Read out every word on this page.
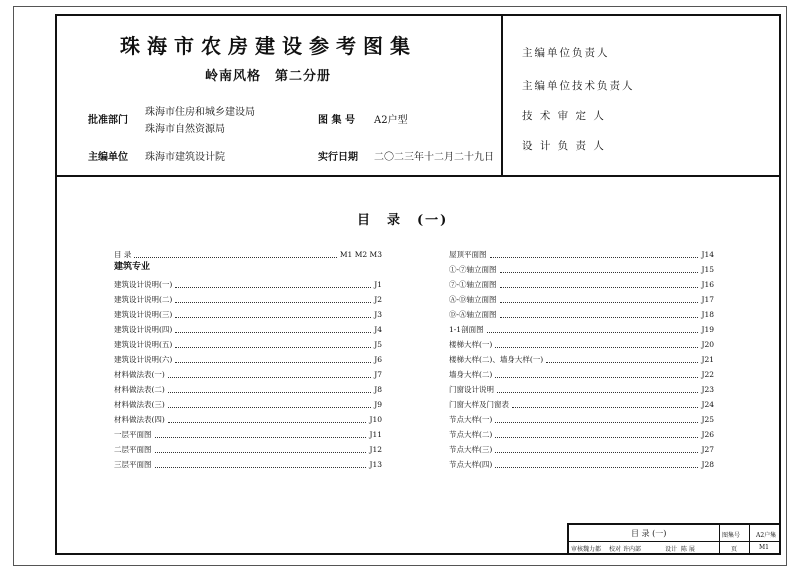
珠海市农房建设参考图集
岭南风格　第二分册
批准部门
珠海市住房和城乡建设局
珠海市自然资源局
图 集 号 A2户型
主编单位 珠海市建筑设计院	实行日期 二〇二三年十二月二十九日
主编单位负责人
主编单位技术负责人
技 术 审 定 人
设 计 负 责 人
目　录　(一)
目 录	M1 M2 M3
建筑专业
建筑设计说明(一)	J1
建筑设计说明(二)	J2
建筑设计说明(三)	J3
建筑设计说明(四)	J4
建筑设计说明(五)	J5
建筑设计说明(六)	J6
材料做法表(一)	J7
材料做法表(二)	J8
材料做法表(三)	J9
材料做法表(四)	J10
一层平面图	J11
二层平面图	J12
三层平面图	J13
屋顶平面图	J14
①-⑦轴立面图	J15
⑦-①轴立面图	J16
Ⓐ-Ⓓ轴立面图	J17
Ⓓ-Ⓐ轴立面图	J18
1-1剖面图	J19
楼梯大样(一)	J20
楼梯大样(二)、墙身大样(一)	J21
墙身大样(二)	J22
门窗设计说明	J23
门窗大样及门窗表	J24
节点大样(一)	J25
节点大样(二)	J26
节点大样(三)	J27
节点大样(四)	J28
目 录 (一)	图集号	A2户集
审核 魏力都 校对 许内部	设计 陈 展	页	M1
